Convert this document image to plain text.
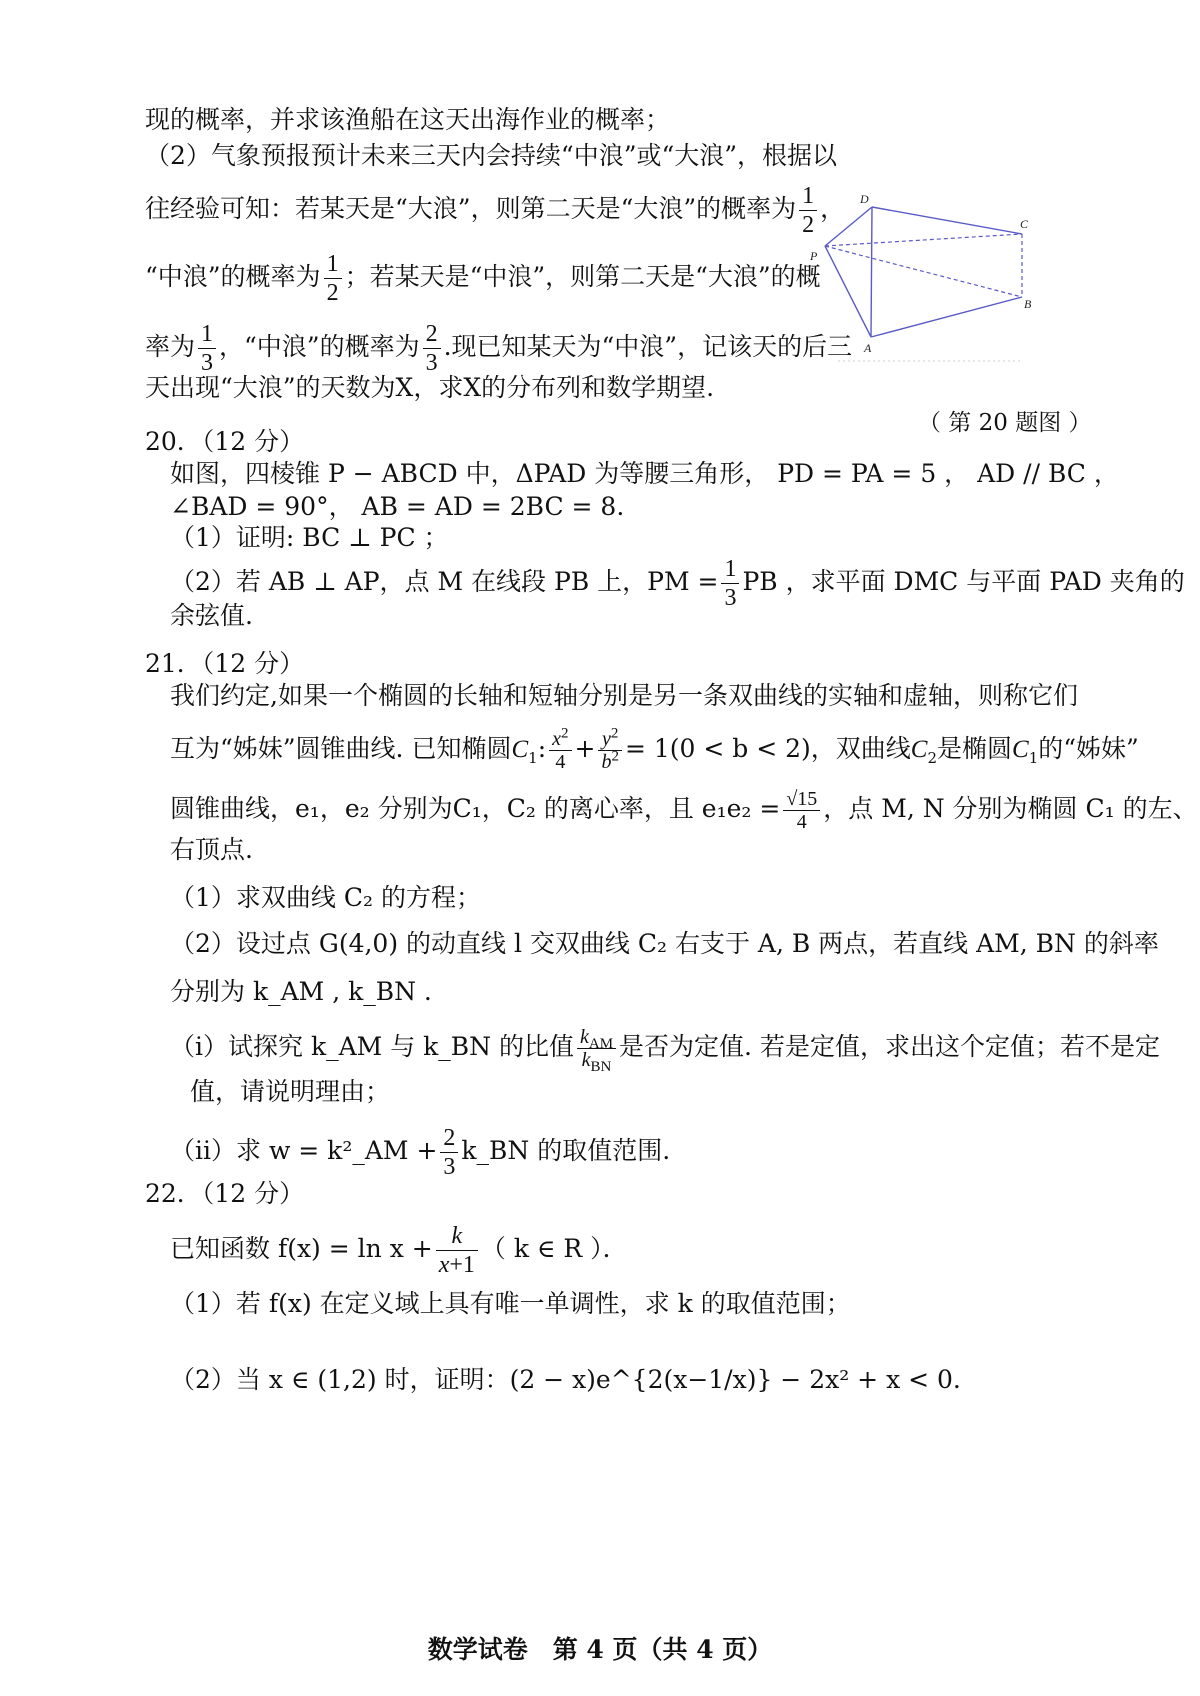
现的概率，并求该渔船在这天出海作业的概率；
（2）气象预报预计未来三天内会持续“中浪”或“大浪”，根据以
往经验可知：若某天是“大浪”，则第二天是“大浪”的概率为 $\frac{1}{2}$ ，
“中浪”的概率为 $\frac{1}{2}$ ；若某天是“中浪”，则第二天是“大浪”的概
率为 $\frac{1}{3}$ ，“中浪”的概率为 $\frac{2}{3}$ .现已知某天为“中浪”，记该天的后三
天出现“大浪”的天数为X，求X的分布列和数学期望.
D
C
P
B
A
（ 第 20 题图 ）
20．（12 分）
如图，四棱锥 P − ABCD 中，ΔPAD 为等腰三角形， PD = PA = 5 ， AD // BC ，
∠BAD = 90°， AB = AD = 2BC = 8.
（1）证明: BC ⊥ PC ；
（2）若 AB ⊥ AP，点 M 在线段 PB 上，PM = $\frac{1}{3}$ PB ，求平面 DMC 与平面 PAD 夹角的
余弦值.
21．（12 分）
我们约定,如果一个椭圆的长轴和短轴分别是另一条双曲线的实轴和虚轴，则称它们
互为“姊妹”圆锥曲线. 已知椭圆$C_1$: $\frac{x^2}{4} + \frac{y^2}{b^2} = 1(0 < b < 2)$，双曲线$C_2$是椭圆$C_1$的“姊妹”
圆锥曲线，e₁，e₂ 分别为C₁，C₂ 的离心率，且 $e_1e_2 = \frac{√15}{4}$ ，点 M, N 分别为椭圆 C₁ 的左、
右顶点.
（1）求双曲线 C₂ 的方程；
（2）设过点 G(4,0) 的动直线 l 交双曲线 C₂ 右支于 A, B 两点，若直线 AM, BN 的斜率
分别为 k_AM , k_BN .
（i）试探究 k_AM 与 k_BN 的比值 $k_{AM}$
$k_{BN}$
是否为定值. 若是定值，求出这个定值；若不是定
值，请说明理由；
（ii）求 w = k²_AM + $\frac{2}{3}$ k_BN 的取值范围.
22．（12 分）
已知函数 $f(x) = \ln x + \frac{k}{x+1}$ （ k ∈ R ）．
（1）若 f(x) 在定义域上具有唯一单调性，求 k 的取值范围；
（2）当 x ∈ (1,2) 时，证明：(2 − x)e^{2(x−1/x)} − 2x² + x < 0.
数学试卷　第 4 页（共 4 页）
